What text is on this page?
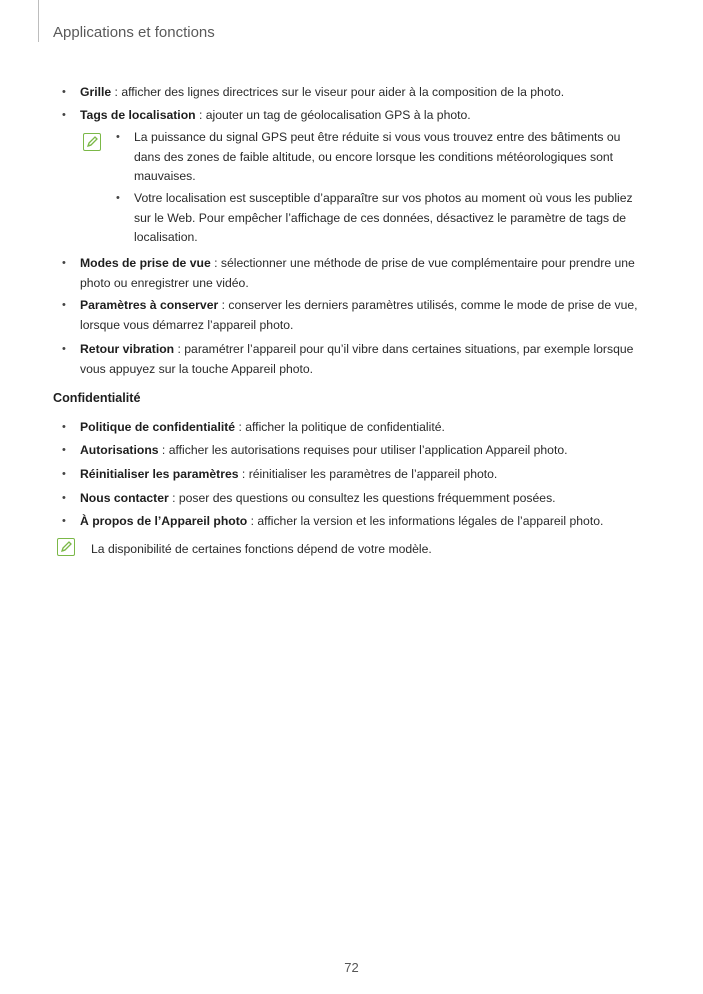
Applications et fonctions
• Grille : afficher des lignes directrices sur le viseur pour aider à la composition de la photo.
• Tags de localisation : ajouter un tag de géolocalisation GPS à la photo.
• La puissance du signal GPS peut être réduite si vous vous trouvez entre des bâtiments ou dans des zones de faible altitude, ou encore lorsque les conditions météorologiques sont mauvaises.
• Votre localisation est susceptible d’apparaître sur vos photos au moment où vous les publiez sur le Web. Pour empêcher l’affichage de ces données, désactivez le paramètre de tags de localisation.
• Modes de prise de vue : sélectionner une méthode de prise de vue complémentaire pour prendre une photo ou enregistrer une vidéo.
• Paramètres à conserver : conserver les derniers paramètres utilisés, comme le mode de prise de vue, lorsque vous démarrez l’appareil photo.
• Retour vibration : paramétrer l’appareil pour qu’il vibre dans certaines situations, par exemple lorsque vous appuyez sur la touche Appareil photo.
Confidentialité
• Politique de confidentialité : afficher la politique de confidentialité.
• Autorisations : afficher les autorisations requises pour utiliser l’application Appareil photo.
• Réinitialiser les paramètres : réinitialiser les paramètres de l’appareil photo.
• Nous contacter : poser des questions ou consultez les questions fréquemment posées.
• À propos de l’Appareil photo : afficher la version et les informations légales de l’appareil photo.
La disponibilité de certaines fonctions dépend de votre modèle.
72
